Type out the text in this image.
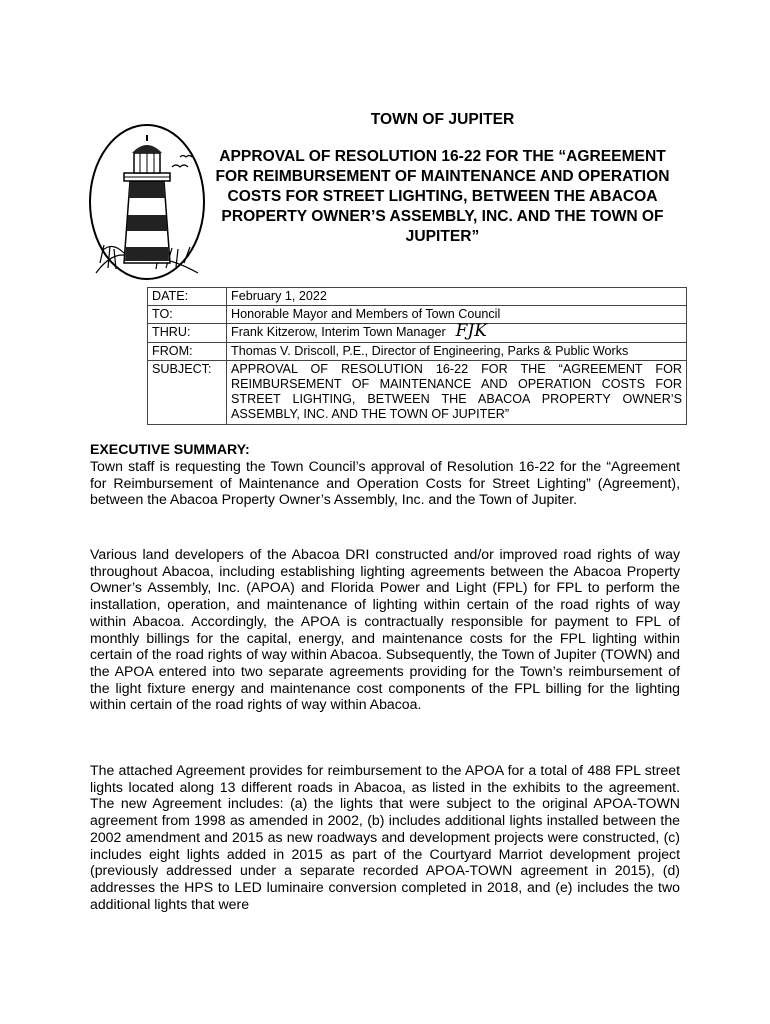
TOWN OF JUPITER
APPROVAL OF RESOLUTION 16-22 FOR THE “AGREEMENT FOR REIMBURSEMENT OF MAINTENANCE AND OPERATION COSTS FOR STREET LIGHTING, BETWEEN THE ABACOA PROPERTY OWNER’S ASSEMBLY, INC. AND THE TOWN OF JUPITER”
DATE:	February 1, 2022
TO:	Honorable Mayor and Members of Town Council
THRU:	Frank Kitzerow, Interim Town Manager FJK
FROM:	Thomas V. Driscoll, P.E., Director of Engineering, Parks & Public Works
SUBJECT:	APPROVAL OF RESOLUTION 16-22 FOR THE “AGREEMENT FOR REIMBURSEMENT OF MAINTENANCE AND OPERATION COSTS FOR STREET LIGHTING, BETWEEN THE ABACOA PROPERTY OWNER’S ASSEMBLY, INC. AND THE TOWN OF JUPITER”
EXECUTIVE SUMMARY:

Town staff is requesting the Town Council’s approval of Resolution 16-22 for the “Agreement for Reimbursement of Maintenance and Operation Costs for Street Lighting” (Agreement), between the Abacoa Property Owner’s Assembly, Inc. and the Town of Jupiter.

Various land developers of the Abacoa DRI constructed and/or improved road rights of way throughout Abacoa, including establishing lighting agreements between the Abacoa Property Owner’s Assembly, Inc. (APOA) and Florida Power and Light (FPL) for FPL to perform the installation, operation, and maintenance of lighting within certain of the road rights of way within Abacoa. Accordingly, the APOA is contractually responsible for payment to FPL of monthly billings for the capital, energy, and maintenance costs for the FPL lighting within certain of the road rights of way within Abacoa. Subsequently, the Town of Jupiter (TOWN) and the APOA entered into two separate agreements providing for the Town’s reimbursement of the light fixture energy and maintenance cost components of the FPL billing for the lighting within certain of the road rights of way within Abacoa.

The attached Agreement provides for reimbursement to the APOA for a total of 488 FPL street lights located along 13 different roads in Abacoa, as listed in the exhibits to the agreement. The new Agreement includes: (a) the lights that were subject to the original APOA-TOWN agreement from 1998 as amended in 2002, (b) includes additional lights installed between the 2002 amendment and 2015 as new roadways and development projects were constructed, (c) includes eight lights added in 2015 as part of the Courtyard Marriot development project (previously addressed under a separate recorded APOA-TOWN agreement in 2015), (d) addresses the HPS to LED luminaire conversion completed in 2018, and (e) includes the two additional lights that were
